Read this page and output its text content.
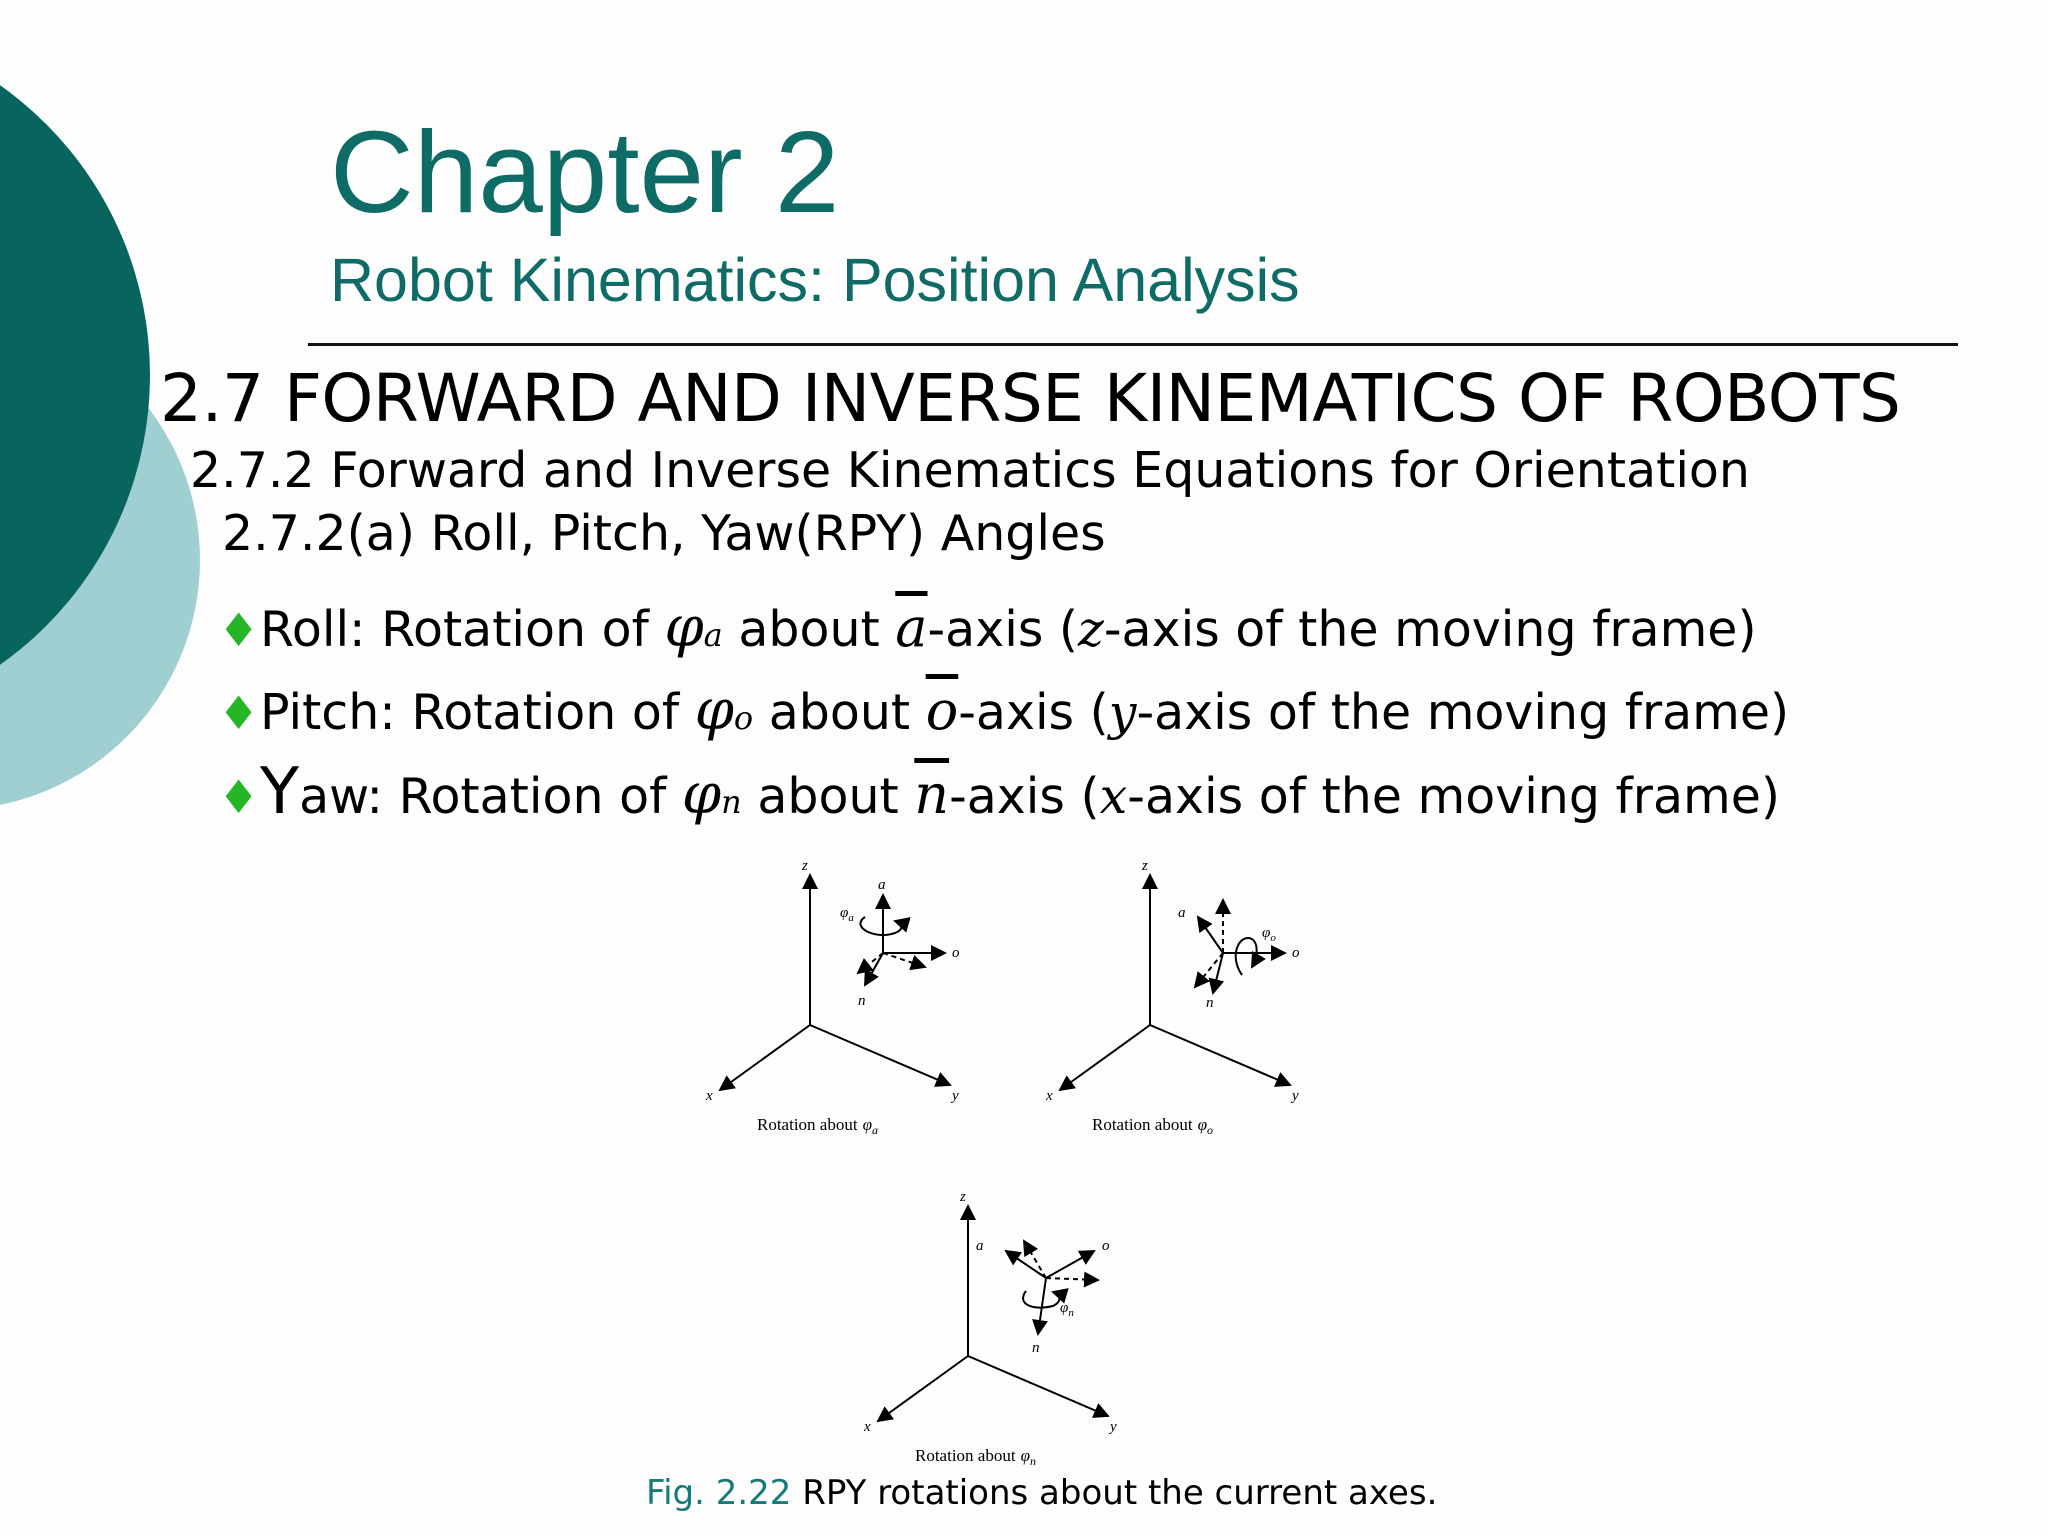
Chapter 2
Robot Kinematics: Position Analysis
2.7 FORWARD AND INVERSE KINEMATICS OF ROBOTS
2.7.2 Forward and Inverse Kinematics Equations for Orientation
2.7.2(a) Roll, Pitch, Yaw(RPY) Angles
♦Roll: Rotation of φa about $\overline{a}$-axis (z-axis of the moving frame)
♦Pitch: Rotation of φo about $\overline{o}$-axis (y-axis of the moving frame)
♦Yaw: Rotation of φn about $\overline{n}$-axis (x-axis of the moving frame)
z
x	y
a
o
n
$\varphi_a$
Rotation about $\varphi_a$
z
x	y
a
o
n
$\varphi_o$
Rotation about $\varphi_o$
z
x	y
a	o
n
$\varphi_n$
Rotation about $\varphi_n$
Fig. 2.22 RPY rotations about the current axes.
